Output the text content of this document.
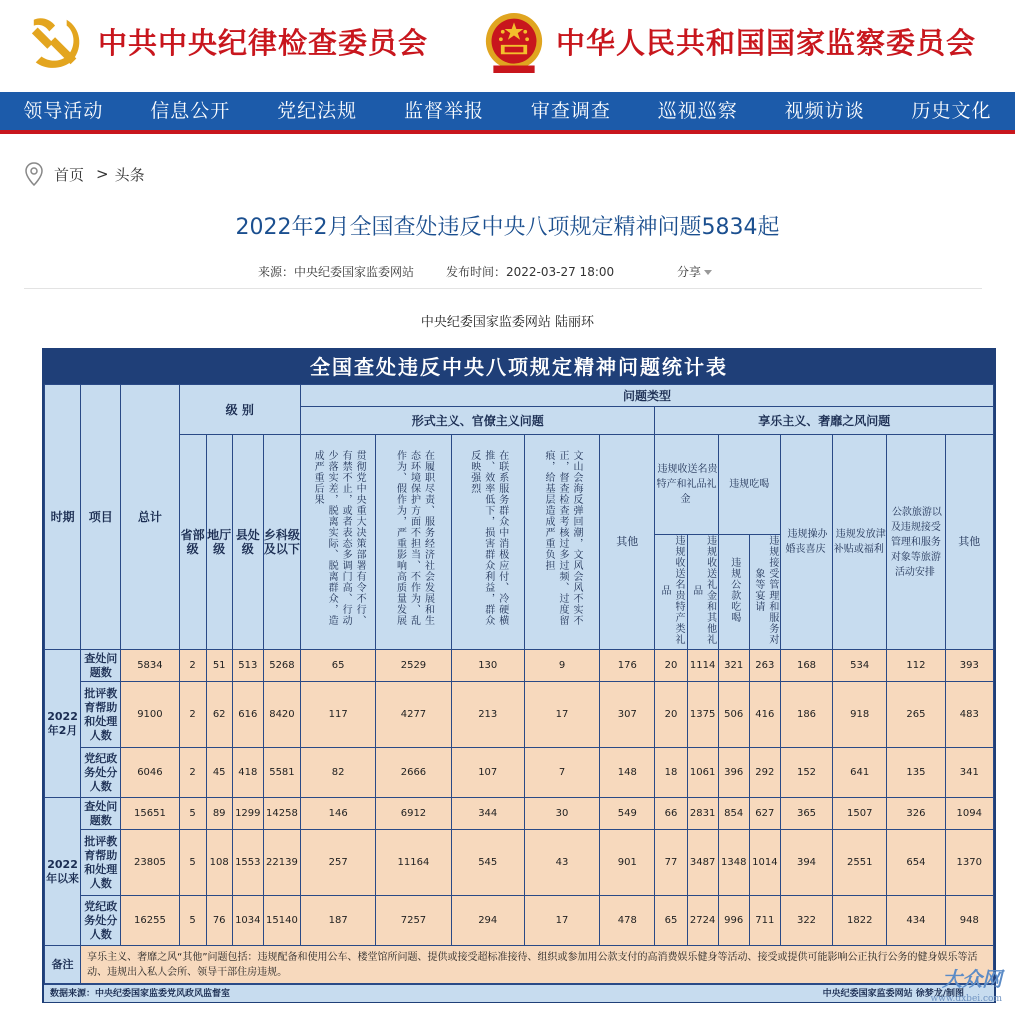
中共中央纪律检查委员会	中华人民共和国国家监察委员会
领导活动	信息公开	党纪法规	监督举报	审查调查	巡视巡察	视频访谈	历史文化
首页 > 头条
2022年2月全国查处违反中央八项规定精神问题5834起
来源：中央纪委国家监委网站	发布时间：2022-03-27 18:00	分享
中央纪委国家监委网站 陆丽环
全国查处违反中央八项规定精神问题统计表
时期	项目	总计	级 别				问题类型												
							形式主义、官僚主义问题					享乐主义、奢靡之风问题							
			省部级	地厅级	县处级	乡科级及以下	贯彻党中央重大决策部署有令不行、有禁不止，或者表态多调门高、行动少落实差，脱离实际、脱离群众，造成严重后果	在履职尽责、服务经济社会发展和生态环境保护方面不担当、不作为、乱作为、假作为，严重影响高质量发展	在联系服务群众中消极应付、冷硬横推、效率低下，损害群众利益，群众反映强烈	文山会海反弹回潮，文风会风不实不正，督查检查考核过多过频、过度留痕，给基层造成严重负担	其他	违规收送名贵特产和礼品礼金		违规吃喝		违规操办婚丧喜庆	违规发放津补贴或福利	公款旅游以及违规接受管理和服务对象等旅游活动安排	其他
												违规收送名贵特产类礼品	违规收送礼金和其他礼品	违规公款吃喝	违规接受管理和服务对象等宴请				
2022年2月	查处问题数	5834	2	51	513	5268	65	2529	130	9	176	20	1114	321	263	168	534	112	393
	批评教育帮助和处理人数	9100	2	62	616	8420	117	4277	213	17	307	20	1375	506	416	186	918	265	483
	党纪政务处分人数	6046	2	45	418	5581	82	2666	107	7	148	18	1061	396	292	152	641	135	341
2022年以来	查处问题数	15651	5	89	1299	14258	146	6912	344	30	549	66	2831	854	627	365	1507	326	1094
	批评教育帮助和处理人数	23805	5	108	1553	22139	257	11164	545	43	901	77	3487	1348	1014	394	2551	654	1370
	党纪政务处分人数	16255	5	76	1034	15140	187	7257	294	17	478	65	2724	996	711	322	1822	434	948
备注	享乐主义、奢靡之风“其他”问题包括：违规配备和使用公车、楼堂馆所问题、提供或接受超标准接待、组织或参加用公款支付的高消费娱乐健身等活动、接受或提供可能影响公正执行公务的健身娱乐等活动、违规出入私人会所、领导干部住房违规。																		
数据来源：中央纪委国家监委党风政风监督室	中央纪委国家监委网站 徐梦龙/制图
大众网
www.dxbei.com
